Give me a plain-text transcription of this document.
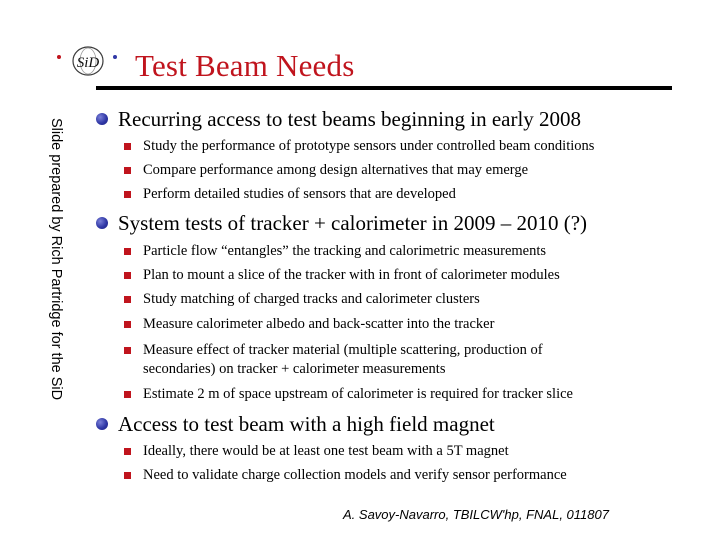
SiD Test Beam Needs
Slide prepared by Rich Partridge for the SiD	Recurring access to test beams beginning in early 2008
Study the performance of prototype sensors under controlled beam conditions
Compare performance among design alternatives that may emerge
Perform detailed studies of sensors that are developed
System tests of tracker + calorimeter in 2009 – 2010 (?)
Particle flow “entangles” the tracking and calorimetric measurements
Plan to mount a slice of the tracker with in front of calorimeter modules
Study matching of charged tracks and calorimeter clusters
Measure calorimeter albedo and back-scatter into the tracker
Measure effect of tracker material (multiple scattering, production of secondaries) on tracker + calorimeter measurements
Estimate 2 m of space upstream of calorimeter is required for tracker slice
Access to test beam with a high field magnet
Ideally, there would be at least one test beam with a 5T magnet
Need to validate charge collection models and verify sensor performance
A. Savoy-Navarro, TBILCW'hp, FNAL, 011807
